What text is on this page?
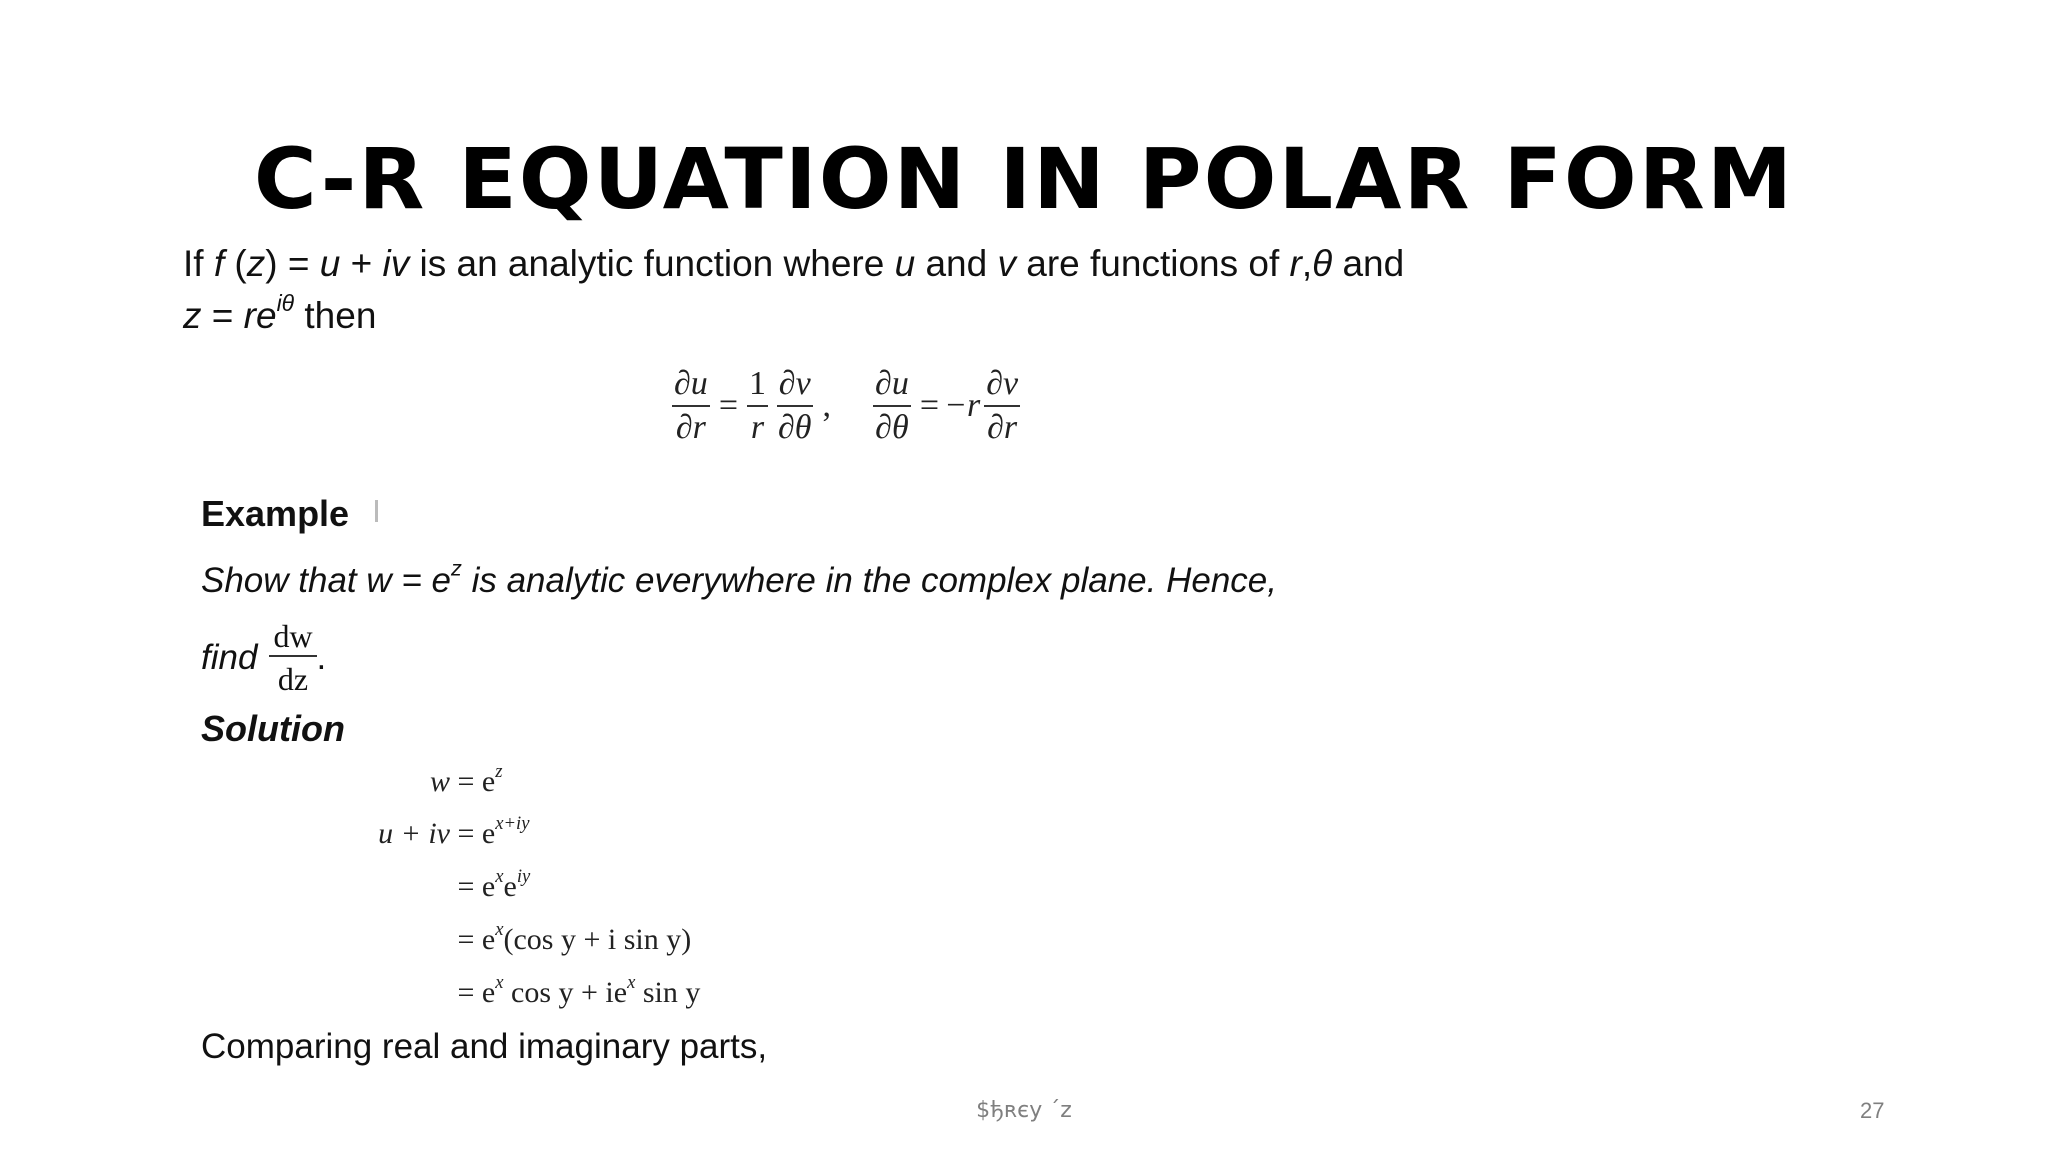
C-R EQUATION IN POLAR FORM
If f (z) = u + iv is an analytic function where u and v are functions of r,θ and
$z = re^{i\theta}$ then
$\frac{\partial u}{\partial r} = \frac{1}{r} \frac{\partial v}{\partial\theta}$ , $\frac{\partial u}{\partial\theta} = -r \frac{\partial v}{\partial r}$
Example
Show that $w = e^z$ is analytic everywhere in the complex plane. Hence,
find $\frac{dw}{dz}$ .
Solution
$w = e^z$
u + iv = $e^{x+iy}$
= $e^xe^{iy}$
= $e^x(\cos$ y + i sin y)
= $e^x$ $\cos y + ie^x$ sin y
Comparing real and imaginary parts,
$ђʀєу ΄z	27
